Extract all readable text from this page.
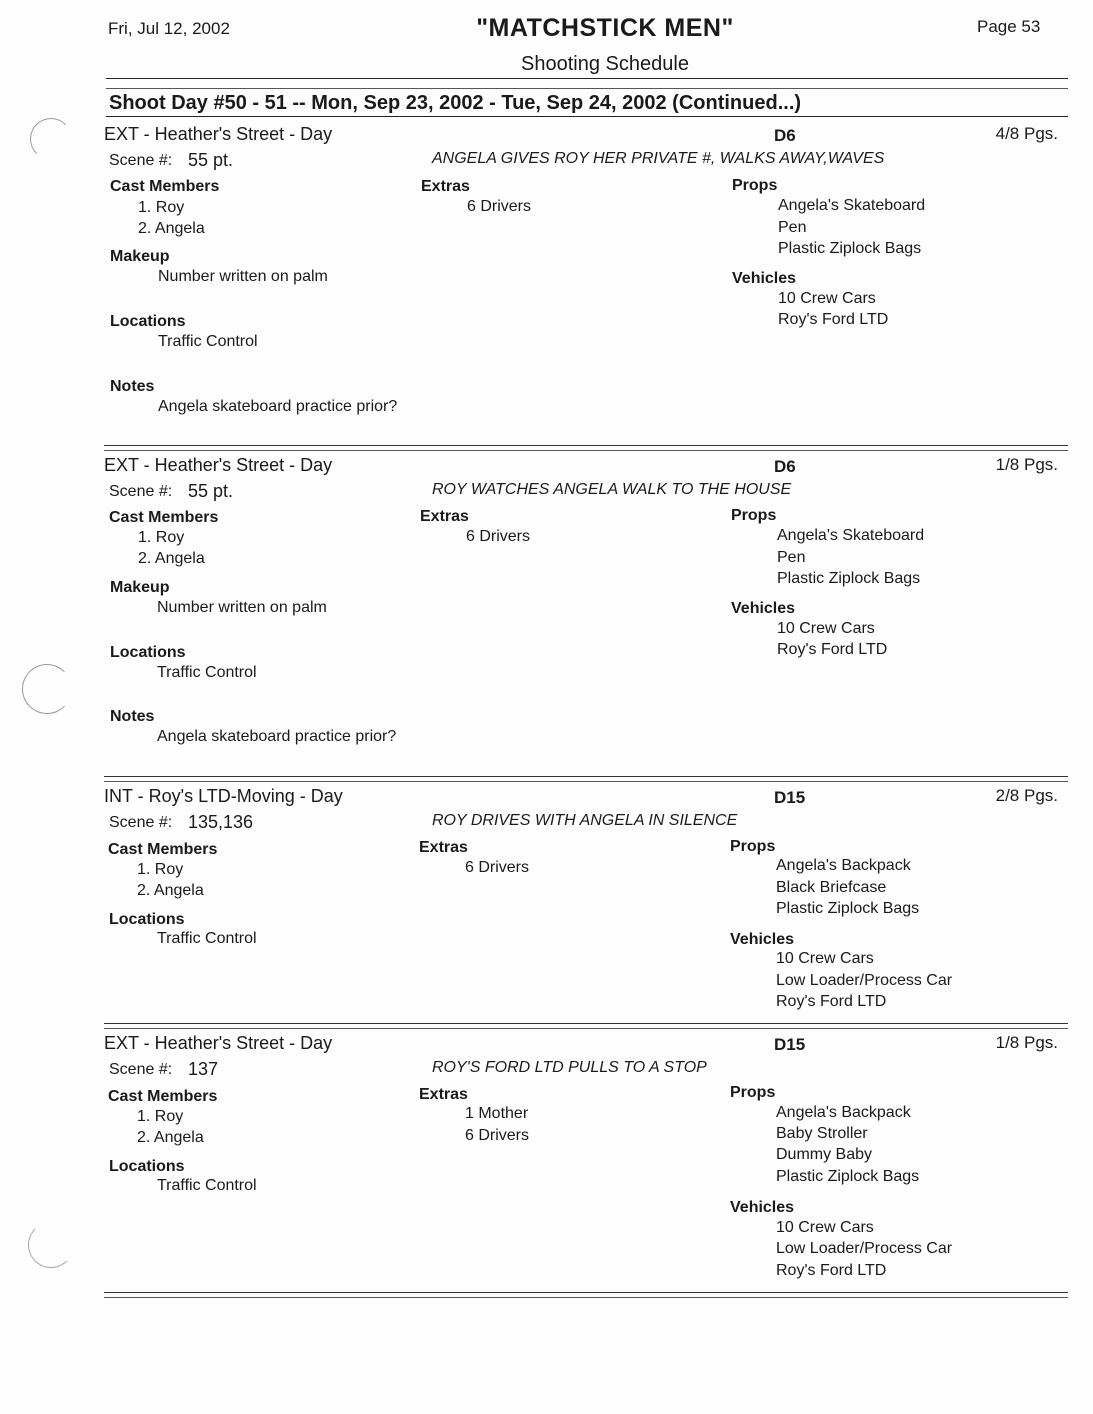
Fri, Jul 12, 2002	"MATCHSTICK MEN"	Page 53
Shooting Schedule
Shoot Day #50 - 51 -- Mon, Sep 23, 2002 - Tue, Sep 24, 2002 (Continued...)
EXT - Heather's Street - Day	D6	4/8 Pgs.
Scene #: 55 pt.	ANGELA GIVES ROY HER PRIVATE #, WALKS AWAY,WAVES
Cast Members
1. Roy
2. Angela
Makeup
Number written on palm
Locations
Traffic Control
Notes
Angela skateboard practice prior?
Extras
6 Drivers
Props
Angela's Skateboard
Pen
Plastic Ziplock Bags
Vehicles
10 Crew Cars
Roy's Ford LTD
EXT - Heather's Street - Day	D6	1/8 Pgs.
Scene #: 55 pt.	ROY WATCHES ANGELA WALK TO THE HOUSE
Cast Members
1. Roy
2. Angela
Makeup
Number written on palm
Locations
Traffic Control
Notes
Angela skateboard practice prior?
Extras
6 Drivers
Props
Angela's Skateboard
Pen
Plastic Ziplock Bags
Vehicles
10 Crew Cars
Roy's Ford LTD
INT - Roy's LTD-Moving - Day	D15	2/8 Pgs.
Scene #: 135,136	ROY DRIVES WITH ANGELA IN SILENCE
Cast Members
1. Roy
2. Angela
Locations
Traffic Control
Extras
6 Drivers
Props
Angela's Backpack
Black Briefcase
Plastic Ziplock Bags
Vehicles
10 Crew Cars
Low Loader/Process Car
Roy's Ford LTD
EXT - Heather's Street - Day	D15	1/8 Pgs.
Scene #: 137	ROY'S FORD LTD PULLS TO A STOP
Cast Members
1. Roy
2. Angela
Locations
Traffic Control
Extras
1 Mother
6 Drivers
Props
Angela's Backpack
Baby Stroller
Dummy Baby
Plastic Ziplock Bags
Vehicles
10 Crew Cars
Low Loader/Process Car
Roy's Ford LTD
